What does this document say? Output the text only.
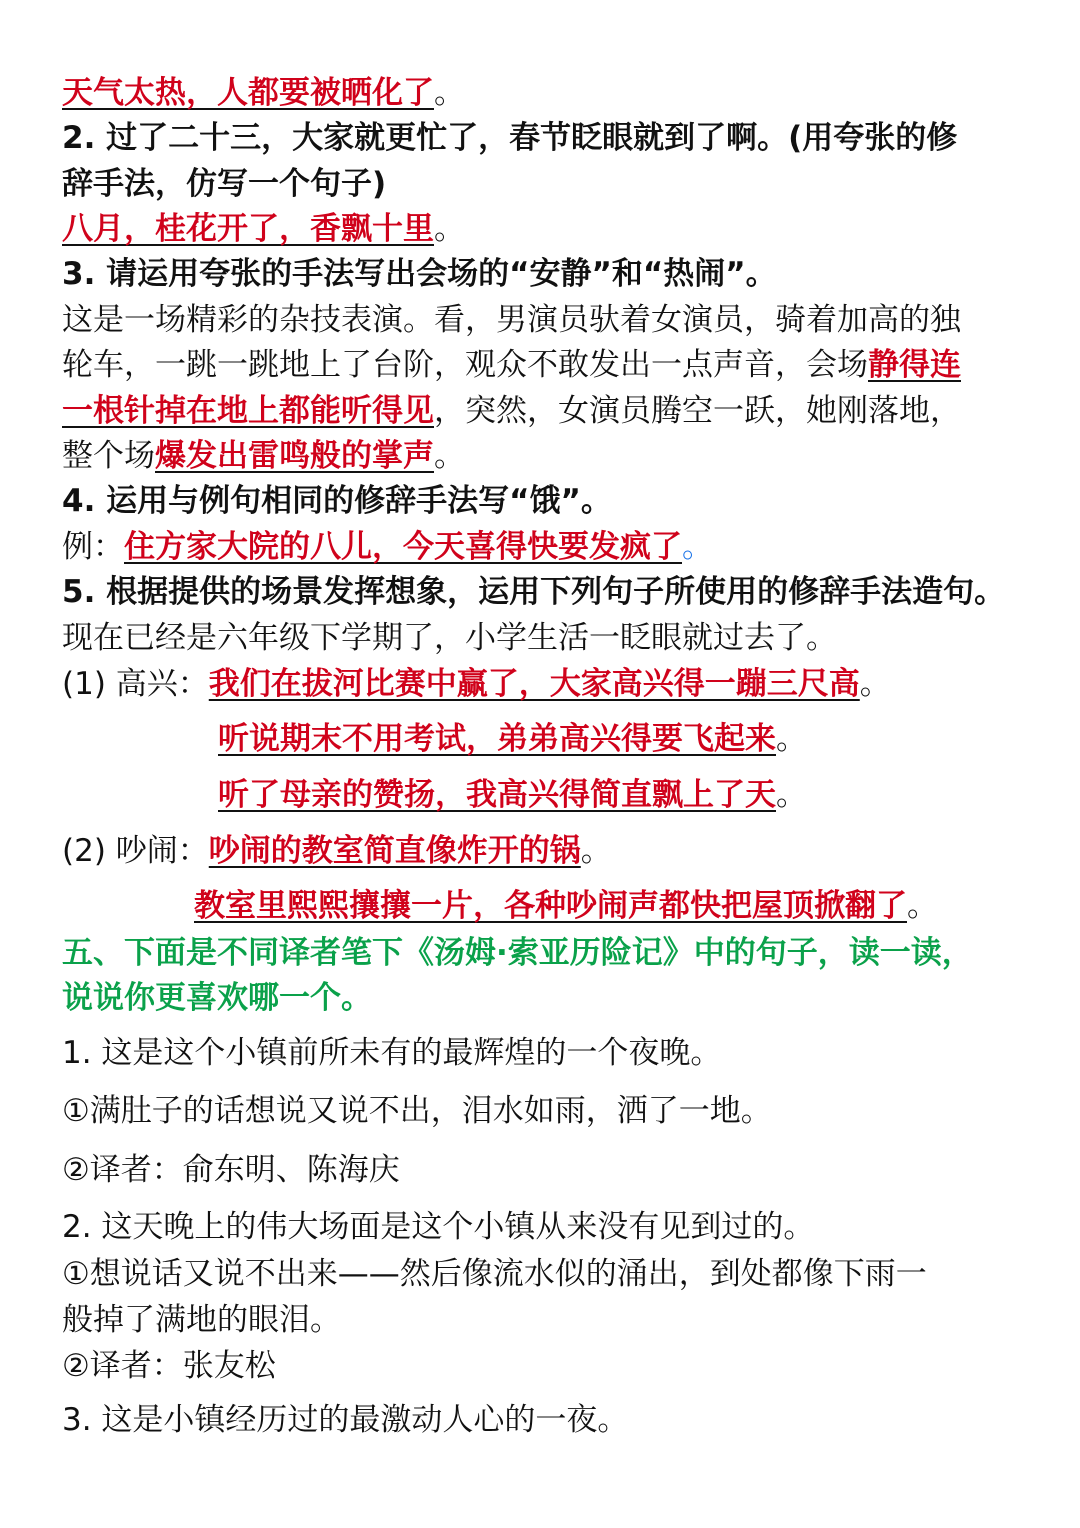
天气太热，人都要被晒化了。
2. 过了二十三，大家就更忙了，春节眨眼就到了啊。(用夸张的修
辞手法，仿写一个句子)
八月，桂花开了，香飘十里。
3. 请运用夸张的手法写出会场的“安静”和“热闹”。
这是一场精彩的杂技表演。看，男演员驮着女演员，骑着加高的独
轮车，一跳一跳地上了台阶，观众不敢发出一点声音，会场静得连
一根针掉在地上都能听得见，突然，女演员腾空一跃，她刚落地，
整个场爆发出雷鸣般的掌声。
4. 运用与例句相同的修辞手法写“饿”。
例：住方家大院的八儿，今天喜得快要发疯了。
5. 根据提供的场景发挥想象，运用下列句子所使用的修辞手法造句。
现在已经是六年级下学期了，小学生活一眨眼就过去了。
(1) 高兴：我们在拔河比赛中赢了，大家高兴得一蹦三尺高。
听说期末不用考试，弟弟高兴得要飞起来。
听了母亲的赞扬，我高兴得简直飘上了天。
(2) 吵闹：吵闹的教室简直像炸开的锅。
教室里熙熙攘攘一片，各种吵闹声都快把屋顶掀翻了。
五、下面是不同译者笔下《汤姆·索亚历险记》中的句子，读一读，
说说你更喜欢哪一个。
1. 这是这个小镇前所未有的最辉煌的一个夜晚。
①满肚子的话想说又说不出，泪水如雨，洒了一地。
②译者：俞东明、陈海庆
2. 这天晚上的伟大场面是这个小镇从来没有见到过的。
①想说话又说不出来——然后像流水似的涌出，到处都像下雨一
般掉了满地的眼泪。
②译者：张友松
3. 这是小镇经历过的最激动人心的一夜。
